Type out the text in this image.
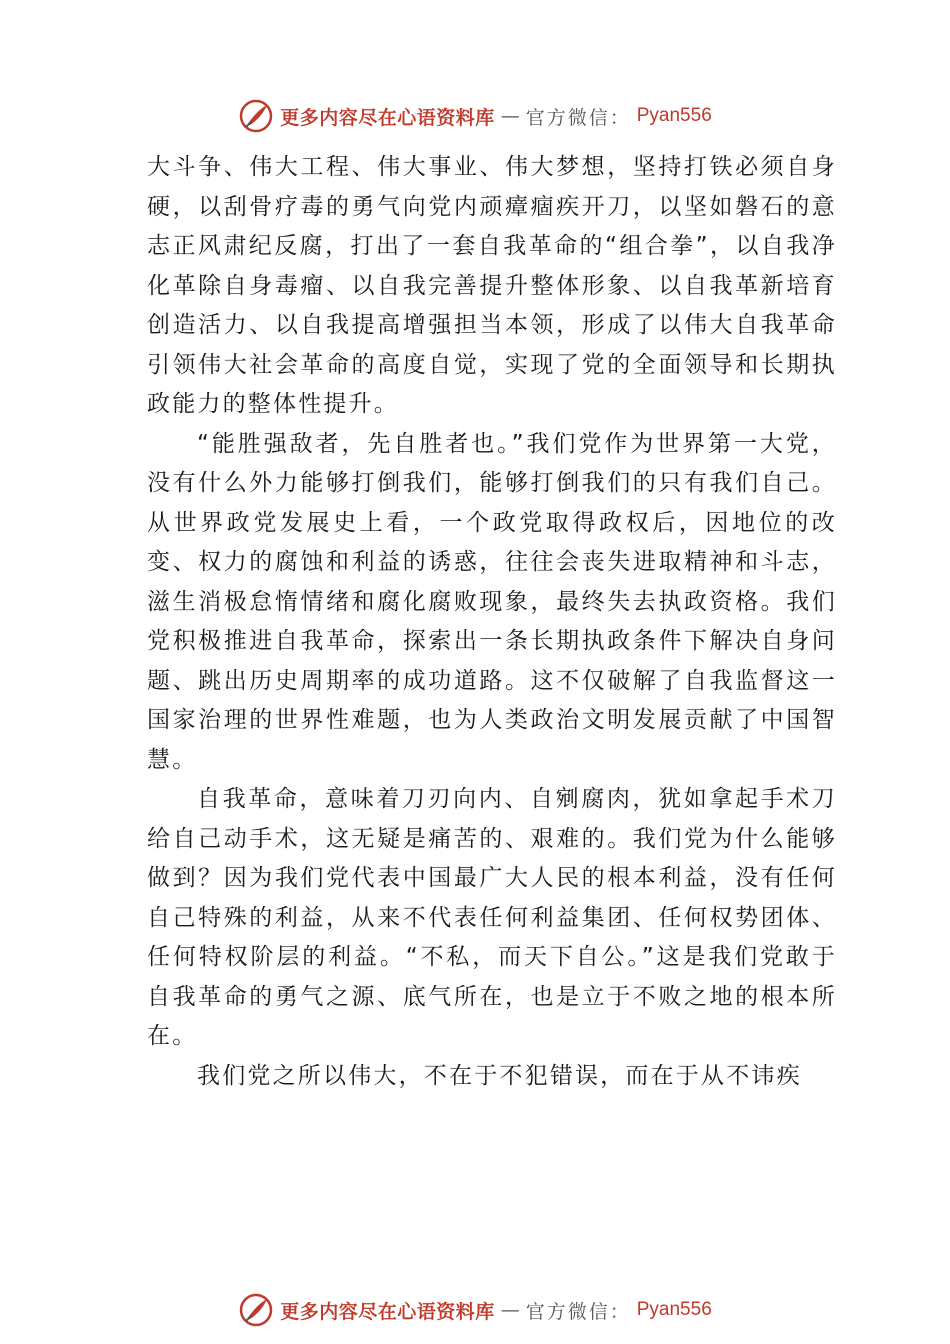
更多内容尽在心语资料库 — 官方微信： Pyan556

大斗争、伟大工程、伟大事业、伟大梦想，坚持打铁必须自身硬，以刮骨疗毒的勇气向党内顽瘴痼疾开刀，以坚如磐石的意志正风肃纪反腐，打出了一套自我革命的“组合拳”，以自我净化革除自身毒瘤、以自我完善提升整体形象、以自我革新培育创造活力、以自我提高增强担当本领，形成了以伟大自我革命引领伟大社会革命的高度自觉，实现了党的全面领导和长期执政能力的整体性提升。

“能胜强敌者，先自胜者也。”我们党作为世界第一大党，没有什么外力能够打倒我们，能够打倒我们的只有我们自己。从世界政党发展史上看，一个政党取得政权后，因地位的改变、权力的腐蚀和利益的诱惑，往往会丧失进取精神和斗志，滋生消极怠惰情绪和腐化腐败现象，最终失去执政资格。我们党积极推进自我革命，探索出一条长期执政条件下解决自身问题、跳出历史周期率的成功道路。这不仅破解了自我监督这一国家治理的世界性难题，也为人类政治文明发展贡献了中国智慧。

自我革命，意味着刀刃向内、自剜腐肉，犹如拿起手术刀给自己动手术，这无疑是痛苦的、艰难的。我们党为什么能够做到？因为我们党代表中国最广大人民的根本利益，没有任何自己特殊的利益，从来不代表任何利益集团、任何权势团体、任何特权阶层的利益。“不私，而天下自公。”这是我们党敢于自我革命的勇气之源、底气所在，也是立于不败之地的根本所在。

我们党之所以伟大，不在于不犯错误，而在于从不讳疾

更多内容尽在心语资料库 — 官方微信： Pyan556
